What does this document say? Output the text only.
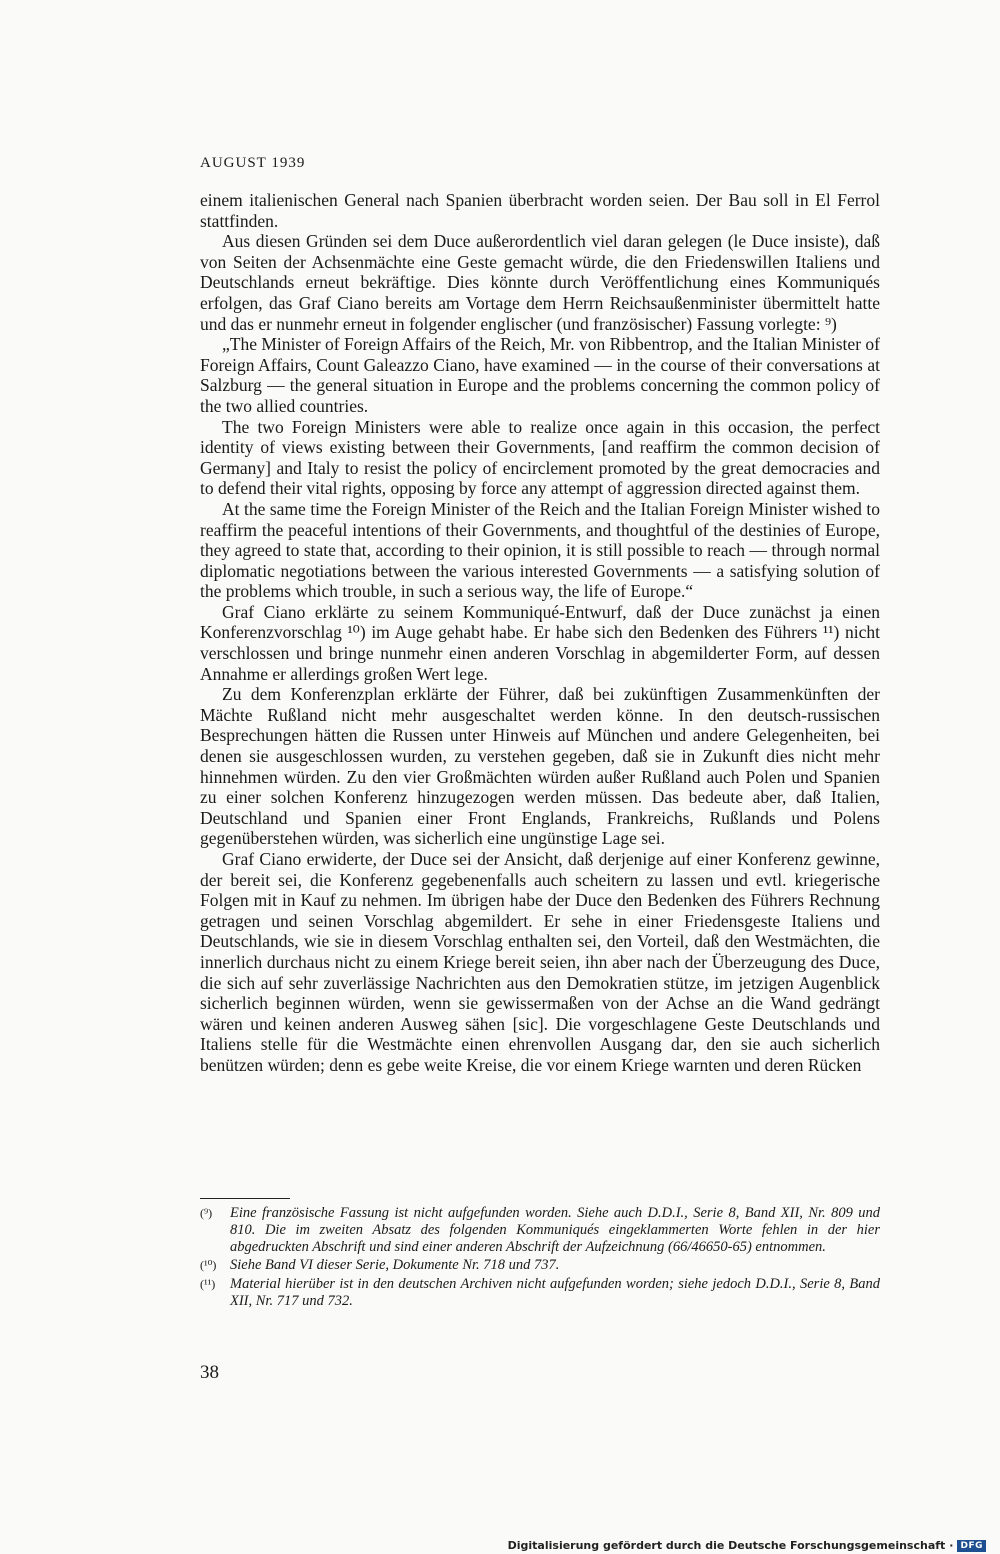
AUGUST 1939

einem italienischen General nach Spanien überbracht worden seien. Der Bau soll in El Ferrol stattfinden.

Aus diesen Gründen sei dem Duce außerordentlich viel daran gelegen (le Duce insiste), daß von Seiten der Achsenmächte eine Geste gemacht würde, die den Friedenswillen Italiens und Deutschlands erneut bekräftige. Dies könnte durch Veröffentlichung eines Kommuniqués erfolgen, das Graf Ciano bereits am Vortage dem Herrn Reichsaußenminister übermittelt hatte und das er nunmehr erneut in folgender englischer (und französischer) Fassung vorlegte: ⁹)

„The Minister of Foreign Affairs of the Reich, Mr. von Ribbentrop, and the Italian Minister of Foreign Affairs, Count Galeazzo Ciano, have examined — in the course of their conversations at Salzburg — the general situation in Europe and the problems concerning the common policy of the two allied countries.

The two Foreign Ministers were able to realize once again in this occasion, the perfect identity of views existing between their Governments, [and reaffirm the common decision of Germany] and Italy to resist the policy of encirclement promoted by the great democracies and to defend their vital rights, opposing by force any attempt of aggression directed against them.

At the same time the Foreign Minister of the Reich and the Italian Foreign Minister wished to reaffirm the peaceful intentions of their Governments, and thoughtful of the destinies of Europe, they agreed to state that, according to their opinion, it is still possible to reach — through normal diplomatic negotiations between the various interested Governments — a satisfying solution of the problems which trouble, in such a serious way, the life of Europe.“

Graf Ciano erklärte zu seinem Kommuniqué-Entwurf, daß der Duce zunächst ja einen Konferenzvorschlag ¹⁰) im Auge gehabt habe. Er habe sich den Bedenken des Führers ¹¹) nicht verschlossen und bringe nunmehr einen anderen Vorschlag in abgemilderter Form, auf dessen Annahme er allerdings großen Wert lege.

Zu dem Konferenzplan erklärte der Führer, daß bei zukünftigen Zusammenkünften der Mächte Rußland nicht mehr ausgeschaltet werden könne. In den deutsch-russischen Besprechungen hätten die Russen unter Hinweis auf München und andere Gelegenheiten, bei denen sie ausgeschlossen wurden, zu verstehen gegeben, daß sie in Zukunft dies nicht mehr hinnehmen würden. Zu den vier Großmächten würden außer Rußland auch Polen und Spanien zu einer solchen Konferenz hinzugezogen werden müssen. Das bedeute aber, daß Italien, Deutschland und Spanien einer Front Englands, Frankreichs, Rußlands und Polens gegenüberstehen würden, was sicherlich eine ungünstige Lage sei.

Graf Ciano erwiderte, der Duce sei der Ansicht, daß derjenige auf einer Konferenz gewinne, der bereit sei, die Konferenz gegebenenfalls auch scheitern zu lassen und evtl. kriegerische Folgen mit in Kauf zu nehmen. Im übrigen habe der Duce den Bedenken des Führers Rechnung getragen und seinen Vorschlag abgemildert. Er sehe in einer Friedensgeste Italiens und Deutschlands, wie sie in diesem Vorschlag enthalten sei, den Vorteil, daß den Westmächten, die innerlich durchaus nicht zu einem Kriege bereit seien, ihn aber nach der Überzeugung des Duce, die sich auf sehr zuverlässige Nachrichten aus den Demokratien stütze, im jetzigen Augenblick sicherlich beginnen würden, wenn sie gewissermaßen von der Achse an die Wand gedrängt wären und keinen anderen Ausweg sähen [sic]. Die vorgeschlagene Geste Deutschlands und Italiens stelle für die Westmächte einen ehrenvollen Ausgang dar, den sie auch sicherlich benützen würden; denn es gebe weite Kreise, die vor einem Kriege warnten und deren Rücken

(⁹) Eine französische Fassung ist nicht aufgefunden worden. Siehe auch D.D.I., Serie 8, Band XII, Nr. 809 und 810. Die im zweiten Absatz des folgenden Kommuniqués eingeklammerten Worte fehlen in der hier abgedruckten Abschrift und sind einer anderen Abschrift der Aufzeichnung (66/46650-65) entnommen.
(¹⁰) Siehe Band VI dieser Serie, Dokumente Nr. 718 und 737.
(¹¹) Material hierüber ist in den deutschen Archiven nicht aufgefunden worden; siehe jedoch D.D.I., Serie 8, Band XII, Nr. 717 und 732.
38
Digitalisierung gefördert durch die Deutsche Forschungsgemeinschaft · DFG
